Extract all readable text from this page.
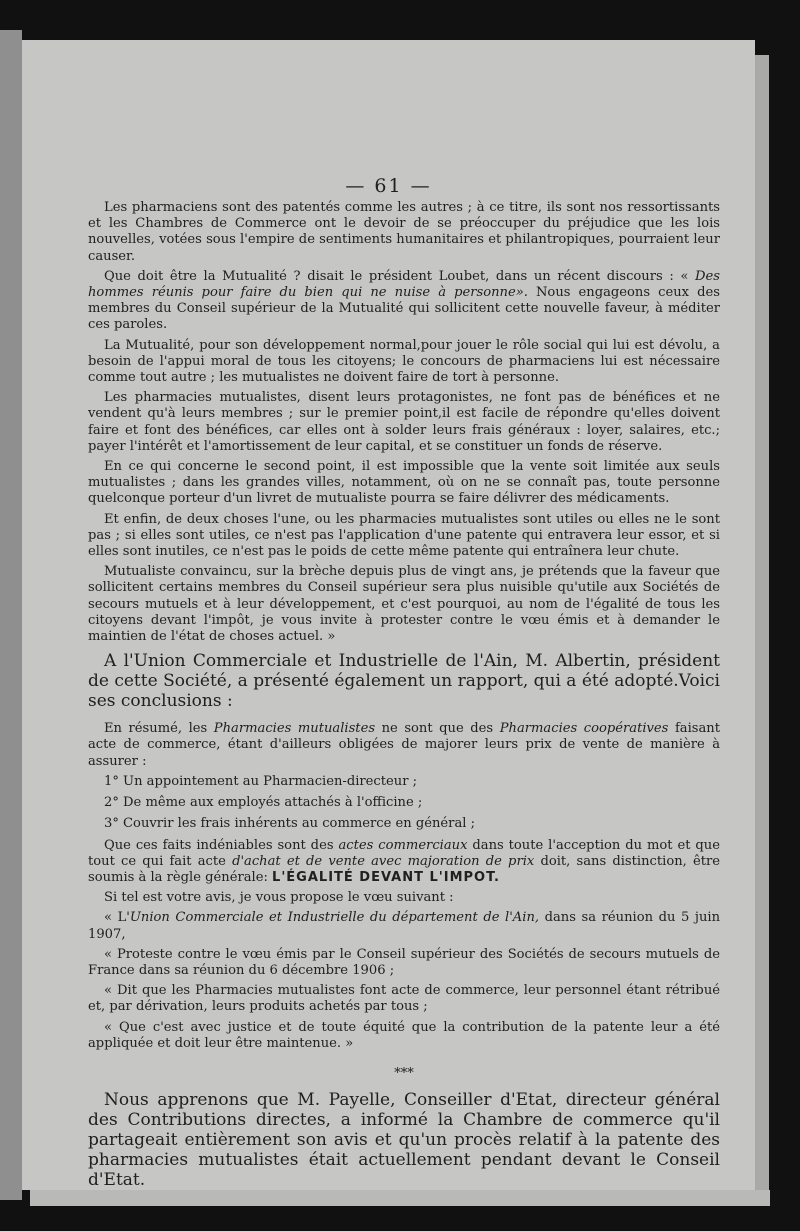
— 61 —

Les pharmaciens sont des patentés comme les autres ; à ce titre, ils sont nos ressortissants et les Chambres de Commerce ont le devoir de se préoccuper du préjudice que les lois nouvelles, votées sous l'empire de sentiments humanitaires et philantropiques, pourraient leur causer.

Que doit être la Mutualité ? disait le président Loubet, dans un récent discours : « Des hommes réunis pour faire du bien qui ne nuise à personne». Nous engageons ceux des membres du Conseil supérieur de la Mutualité qui sollicitent cette nouvelle faveur, à méditer ces paroles.

La Mutualité, pour son développement normal,pour jouer le rôle social qui lui est dévolu, a besoin de l'appui moral de tous les citoyens; le concours de pharmaciens lui est nécessaire comme tout autre ; les mutualistes ne doivent faire de tort à personne.

Les pharmacies mutualistes, disent leurs protagonistes, ne font pas de bénéfices et ne vendent qu'à leurs membres ; sur le premier point,il est facile de répondre qu'elles doivent faire et font des bénéfices, car elles ont à solder leurs frais généraux : loyer, salaires, etc.; payer l'intérêt et l'amortissement de leur capital, et se constituer un fonds de réserve.

En ce qui concerne le second point, il est impossible que la vente soit limitée aux seuls mutualistes ; dans les grandes villes, notamment, où on ne se connaît pas, toute personne quelconque porteur d'un livret de mutualiste pourra se faire délivrer des médicaments.

Et enfin, de deux choses l'une, ou les pharmacies mutualistes sont utiles ou elles ne le sont pas ; si elles sont utiles, ce n'est pas l'application d'une patente qui entravera leur essor, et si elles sont inutiles, ce n'est pas le poids de cette même patente qui entraînera leur chute.

Mutualiste convaincu, sur la brèche depuis plus de vingt ans, je prétends que la faveur que sollicitent certains membres du Conseil supérieur sera plus nuisible qu'utile aux Sociétés de secours mutuels et à leur développement, et c'est pourquoi, au nom de l'égalité de tous les citoyens devant l'impôt, je vous invite à protester contre le vœu émis et à demander le maintien de l'état de choses actuel. »

A l'Union Commerciale et Industrielle de l'Ain, M. Albertin, président de cette Société, a présenté également un rapport, qui a été adopté.Voici ses conclusions :

En résumé, les Pharmacies mutualistes ne sont que des Pharmacies coopératives faisant acte de commerce, étant d'ailleurs obligées de majorer leurs prix de vente de manière à assurer :

1° Un appointement au Pharmacien-directeur ;

2° De même aux employés attachés à l'officine ;

3° Couvrir les frais inhérents au commerce en général ;

Que ces faits indéniables sont des actes commerciaux dans toute l'acception du mot et que tout ce qui fait acte d'achat et de vente avec majoration de prix doit, sans distinction, être soumis à la règle générale: L'ÉGALITÉ DEVANT L'IMPOT.

Si tel est votre avis, je vous propose le vœu suivant :

« L'Union Commerciale et Industrielle du département de l'Ain, dans sa réunion du 5 juin 1907,

« Proteste contre le vœu émis par le Conseil supérieur des Sociétés de secours mutuels de France dans sa réunion du 6 décembre 1906 ;

« Dit que les Pharmacies mutualistes font acte de commerce, leur personnel étant rétribué et, par dérivation, leurs produits achetés par tous ;

« Que c'est avec justice et de toute équité que la contribution de la patente leur a été appliquée et doit leur être maintenue. »

***

Nous apprenons que M. Payelle, Conseiller d'Etat, directeur général des Contributions directes, a informé la Chambre de commerce qu'il partageait entièrement son avis et qu'un procès relatif à la patente des pharmacies mutualistes était actuellement pendant devant le Conseil d'Etat.
